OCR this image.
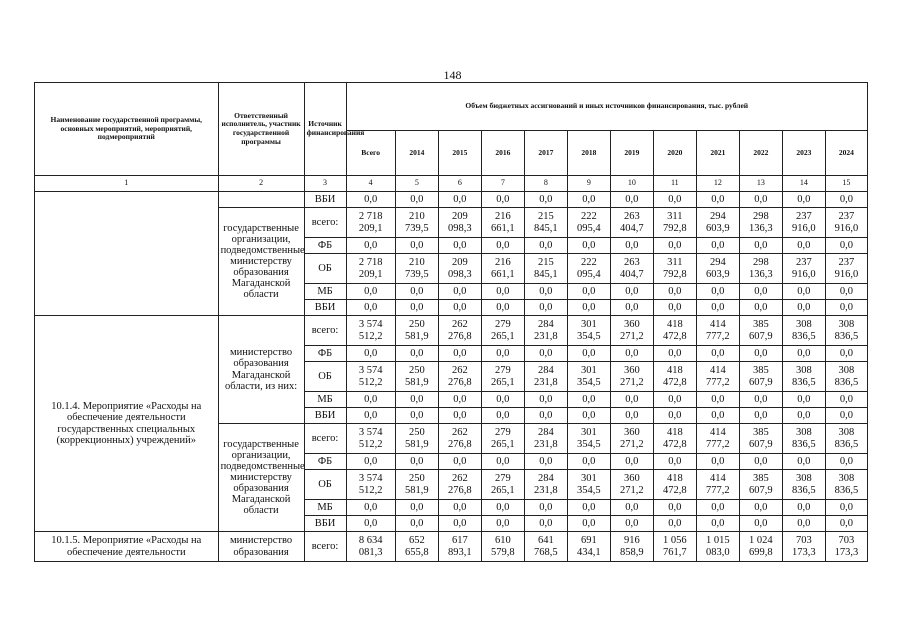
148
Наименование государственной программы, основных мероприятий, мероприятий, подмероприятий	Ответственный исполнитель, участник государственной программы	Источник финансирования	Объем бюджетных ассигнований и иных источников финансирования, тыс. рублей											
			Всего	2014	2015	2016	2017	2018	2019	2020	2021	2022	2023	2024
1	2	3	4	5	6	7	8	9	10	11	12	13	14	15
		ВБИ	0,0	0,0	0,0	0,0	0,0	0,0	0,0	0,0	0,0	0,0	0,0	0,0
	государственные организации, подведомственные министерству образования Магаданской области	всего:	2 718 209,1	210 739,5	209 098,3	216 661,1	215 845,1	222 095,4	263 404,7	311 792,8	294 603,9	298 136,3	237 916,0	237 916,0
		ФБ	0,0	0,0	0,0	0,0	0,0	0,0	0,0	0,0	0,0	0,0	0,0	0,0
		ОБ	2 718 209,1	210 739,5	209 098,3	216 661,1	215 845,1	222 095,4	263 404,7	311 792,8	294 603,9	298 136,3	237 916,0	237 916,0
		МБ	0,0	0,0	0,0	0,0	0,0	0,0	0,0	0,0	0,0	0,0	0,0	0,0
		ВБИ	0,0	0,0	0,0	0,0	0,0	0,0	0,0	0,0	0,0	0,0	0,0	0,0
10.1.4. Мероприятие «Расходы на обеспечение деятельности государственных специальных (коррекционных) учреждений»	министерство образования Магаданской области, из них:	всего:	3 574 512,2	250 581,9	262 276,8	279 265,1	284 231,8	301 354,5	360 271,2	418 472,8	414 777,2	385 607,9	308 836,5	308 836,5
		ФБ	0,0	0,0	0,0	0,0	0,0	0,0	0,0	0,0	0,0	0,0	0,0	0,0
		ОБ	3 574 512,2	250 581,9	262 276,8	279 265,1	284 231,8	301 354,5	360 271,2	418 472,8	414 777,2	385 607,9	308 836,5	308 836,5
		МБ	0,0	0,0	0,0	0,0	0,0	0,0	0,0	0,0	0,0	0,0	0,0	0,0
		ВБИ	0,0	0,0	0,0	0,0	0,0	0,0	0,0	0,0	0,0	0,0	0,0	0,0
	государственные организации, подведомственные министерству образования Магаданской области	всего:	3 574 512,2	250 581,9	262 276,8	279 265,1	284 231,8	301 354,5	360 271,2	418 472,8	414 777,2	385 607,9	308 836,5	308 836,5
		ФБ	0,0	0,0	0,0	0,0	0,0	0,0	0,0	0,0	0,0	0,0	0,0	0,0
		ОБ	3 574 512,2	250 581,9	262 276,8	279 265,1	284 231,8	301 354,5	360 271,2	418 472,8	414 777,2	385 607,9	308 836,5	308 836,5
		МБ	0,0	0,0	0,0	0,0	0,0	0,0	0,0	0,0	0,0	0,0	0,0	0,0
		ВБИ	0,0	0,0	0,0	0,0	0,0	0,0	0,0	0,0	0,0	0,0	0,0	0,0
10.1.5. Мероприятие «Расходы на обеспечение деятельности	министерство образования	всего:	8 634 081,3	652 655,8	617 893,1	610 579,8	641 768,5	691 434,1	916 858,9	1 056 761,7	1 015 083,0	1 024 699,8	703 173,3	703 173,3
